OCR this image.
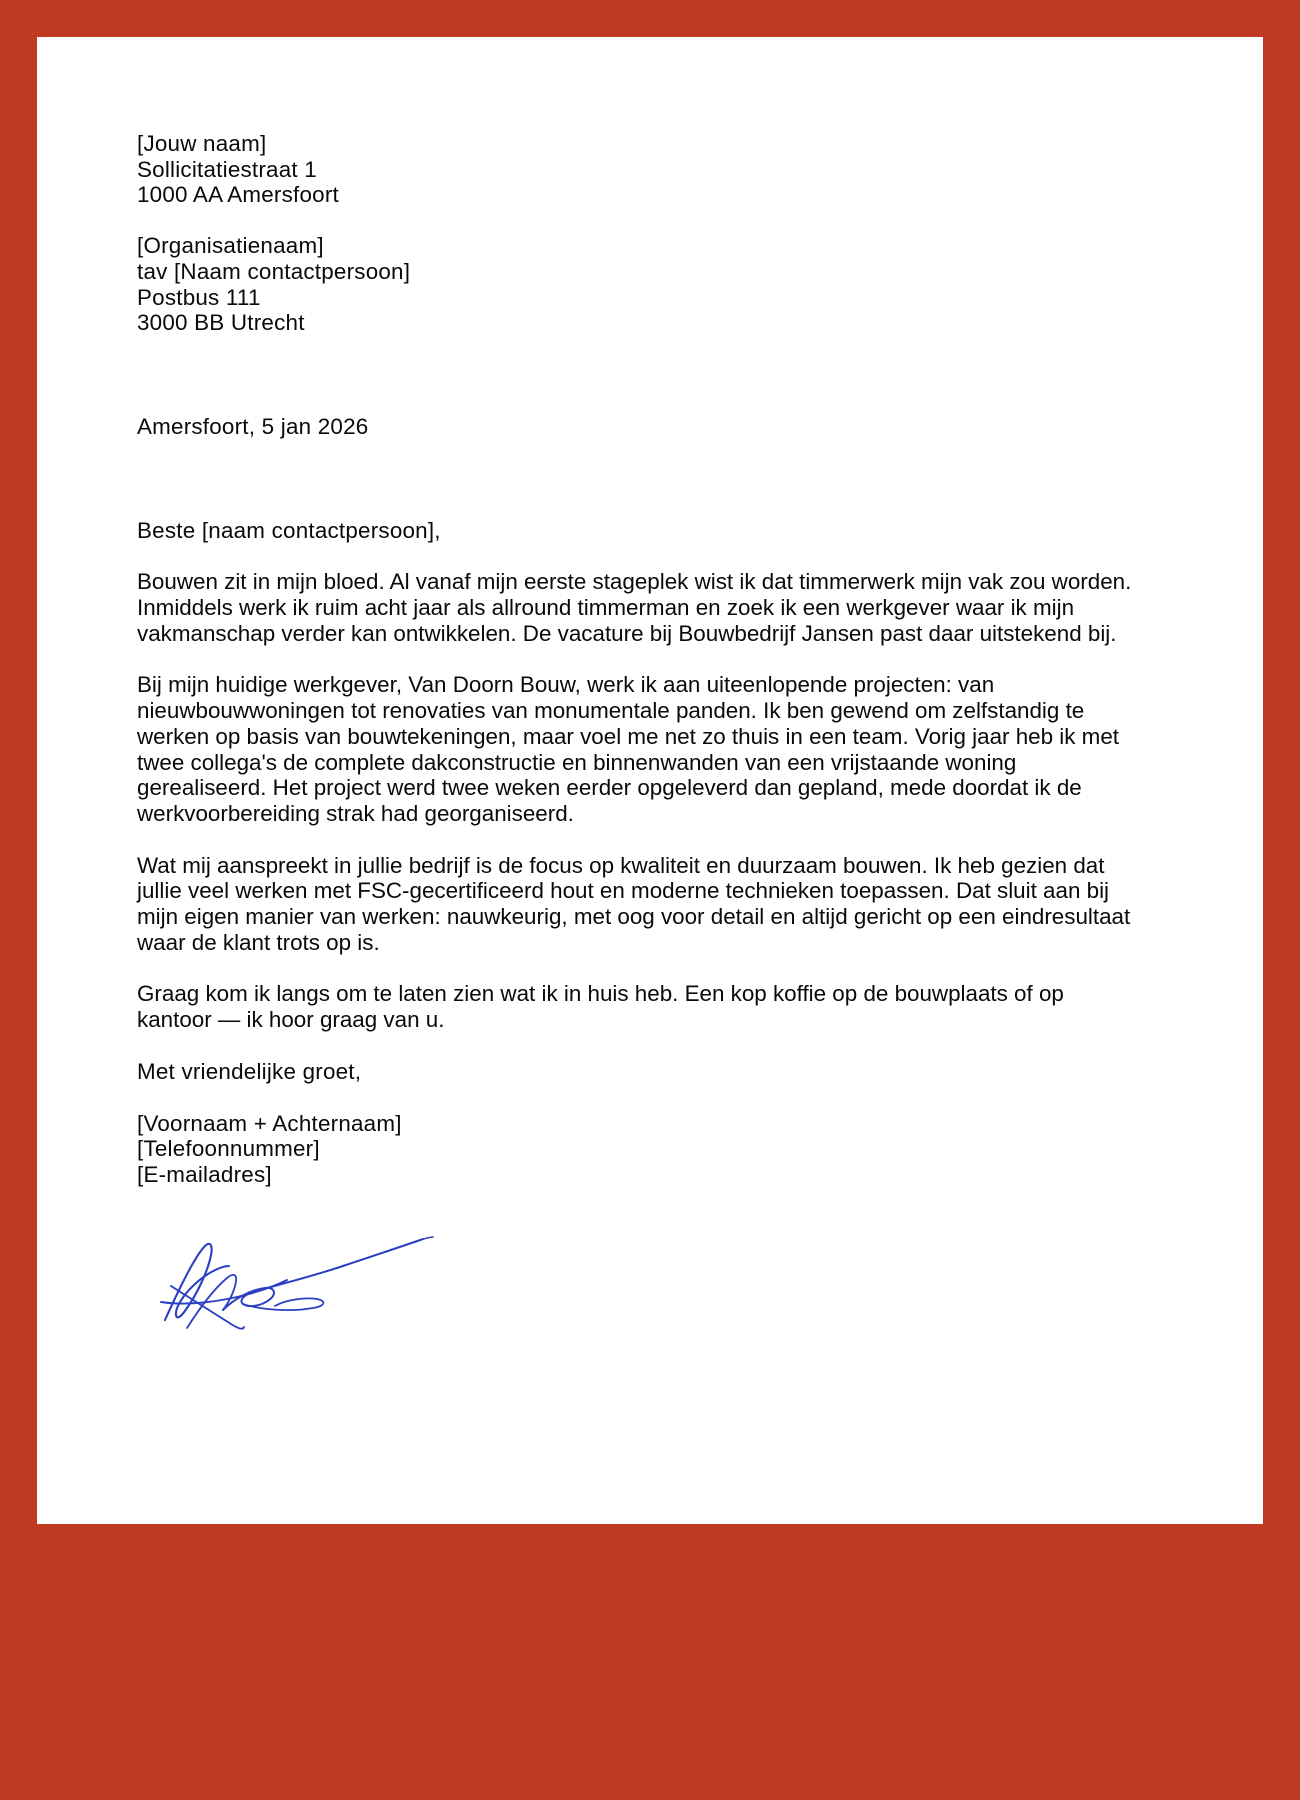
[Jouw naam]
Sollicitatiestraat 1
1000 AA Amersfoort
[Organisatienaam]
tav [Naam contactpersoon]
Postbus 111
3000 BB Utrecht
Amersfoort, 5 jan 2026
Beste [naam contactpersoon],

Bouwen zit in mijn bloed. Al vanaf mijn eerste stageplek wist ik dat timmerwerk mijn vak zou worden. Inmiddels werk ik ruim acht jaar als allround timmerman en zoek ik een werkgever waar ik mijn vakmanschap verder kan ontwikkelen. De vacature bij Bouwbedrijf Jansen past daar uitstekend bij.

Bij mijn huidige werkgever, Van Doorn Bouw, werk ik aan uiteenlopende projecten: van nieuwbouwwoningen tot renovaties van monumentale panden. Ik ben gewend om zelfstandig te werken op basis van bouwtekeningen, maar voel me net zo thuis in een team. Vorig jaar heb ik met twee collega's de complete dakconstructie en binnenwanden van een vrijstaande woning gerealiseerd. Het project werd twee weken eerder opgeleverd dan gepland, mede doordat ik de werkvoorbereiding strak had georganiseerd.

Wat mij aanspreekt in jullie bedrijf is de focus op kwaliteit en duurzaam bouwen. Ik heb gezien dat jullie veel werken met FSC-gecertificeerd hout en moderne technieken toepassen. Dat sluit aan bij mijn eigen manier van werken: nauwkeurig, met oog voor detail en altijd gericht op een eindresultaat waar de klant trots op is.

Graag kom ik langs om te laten zien wat ik in huis heb. Een kop koffie op de bouwplaats of op kantoor — ik hoor graag van u.

Met vriendelijke groet,
[Voornaam + Achternaam]
[Telefoonnummer]
[E-mailadres]
